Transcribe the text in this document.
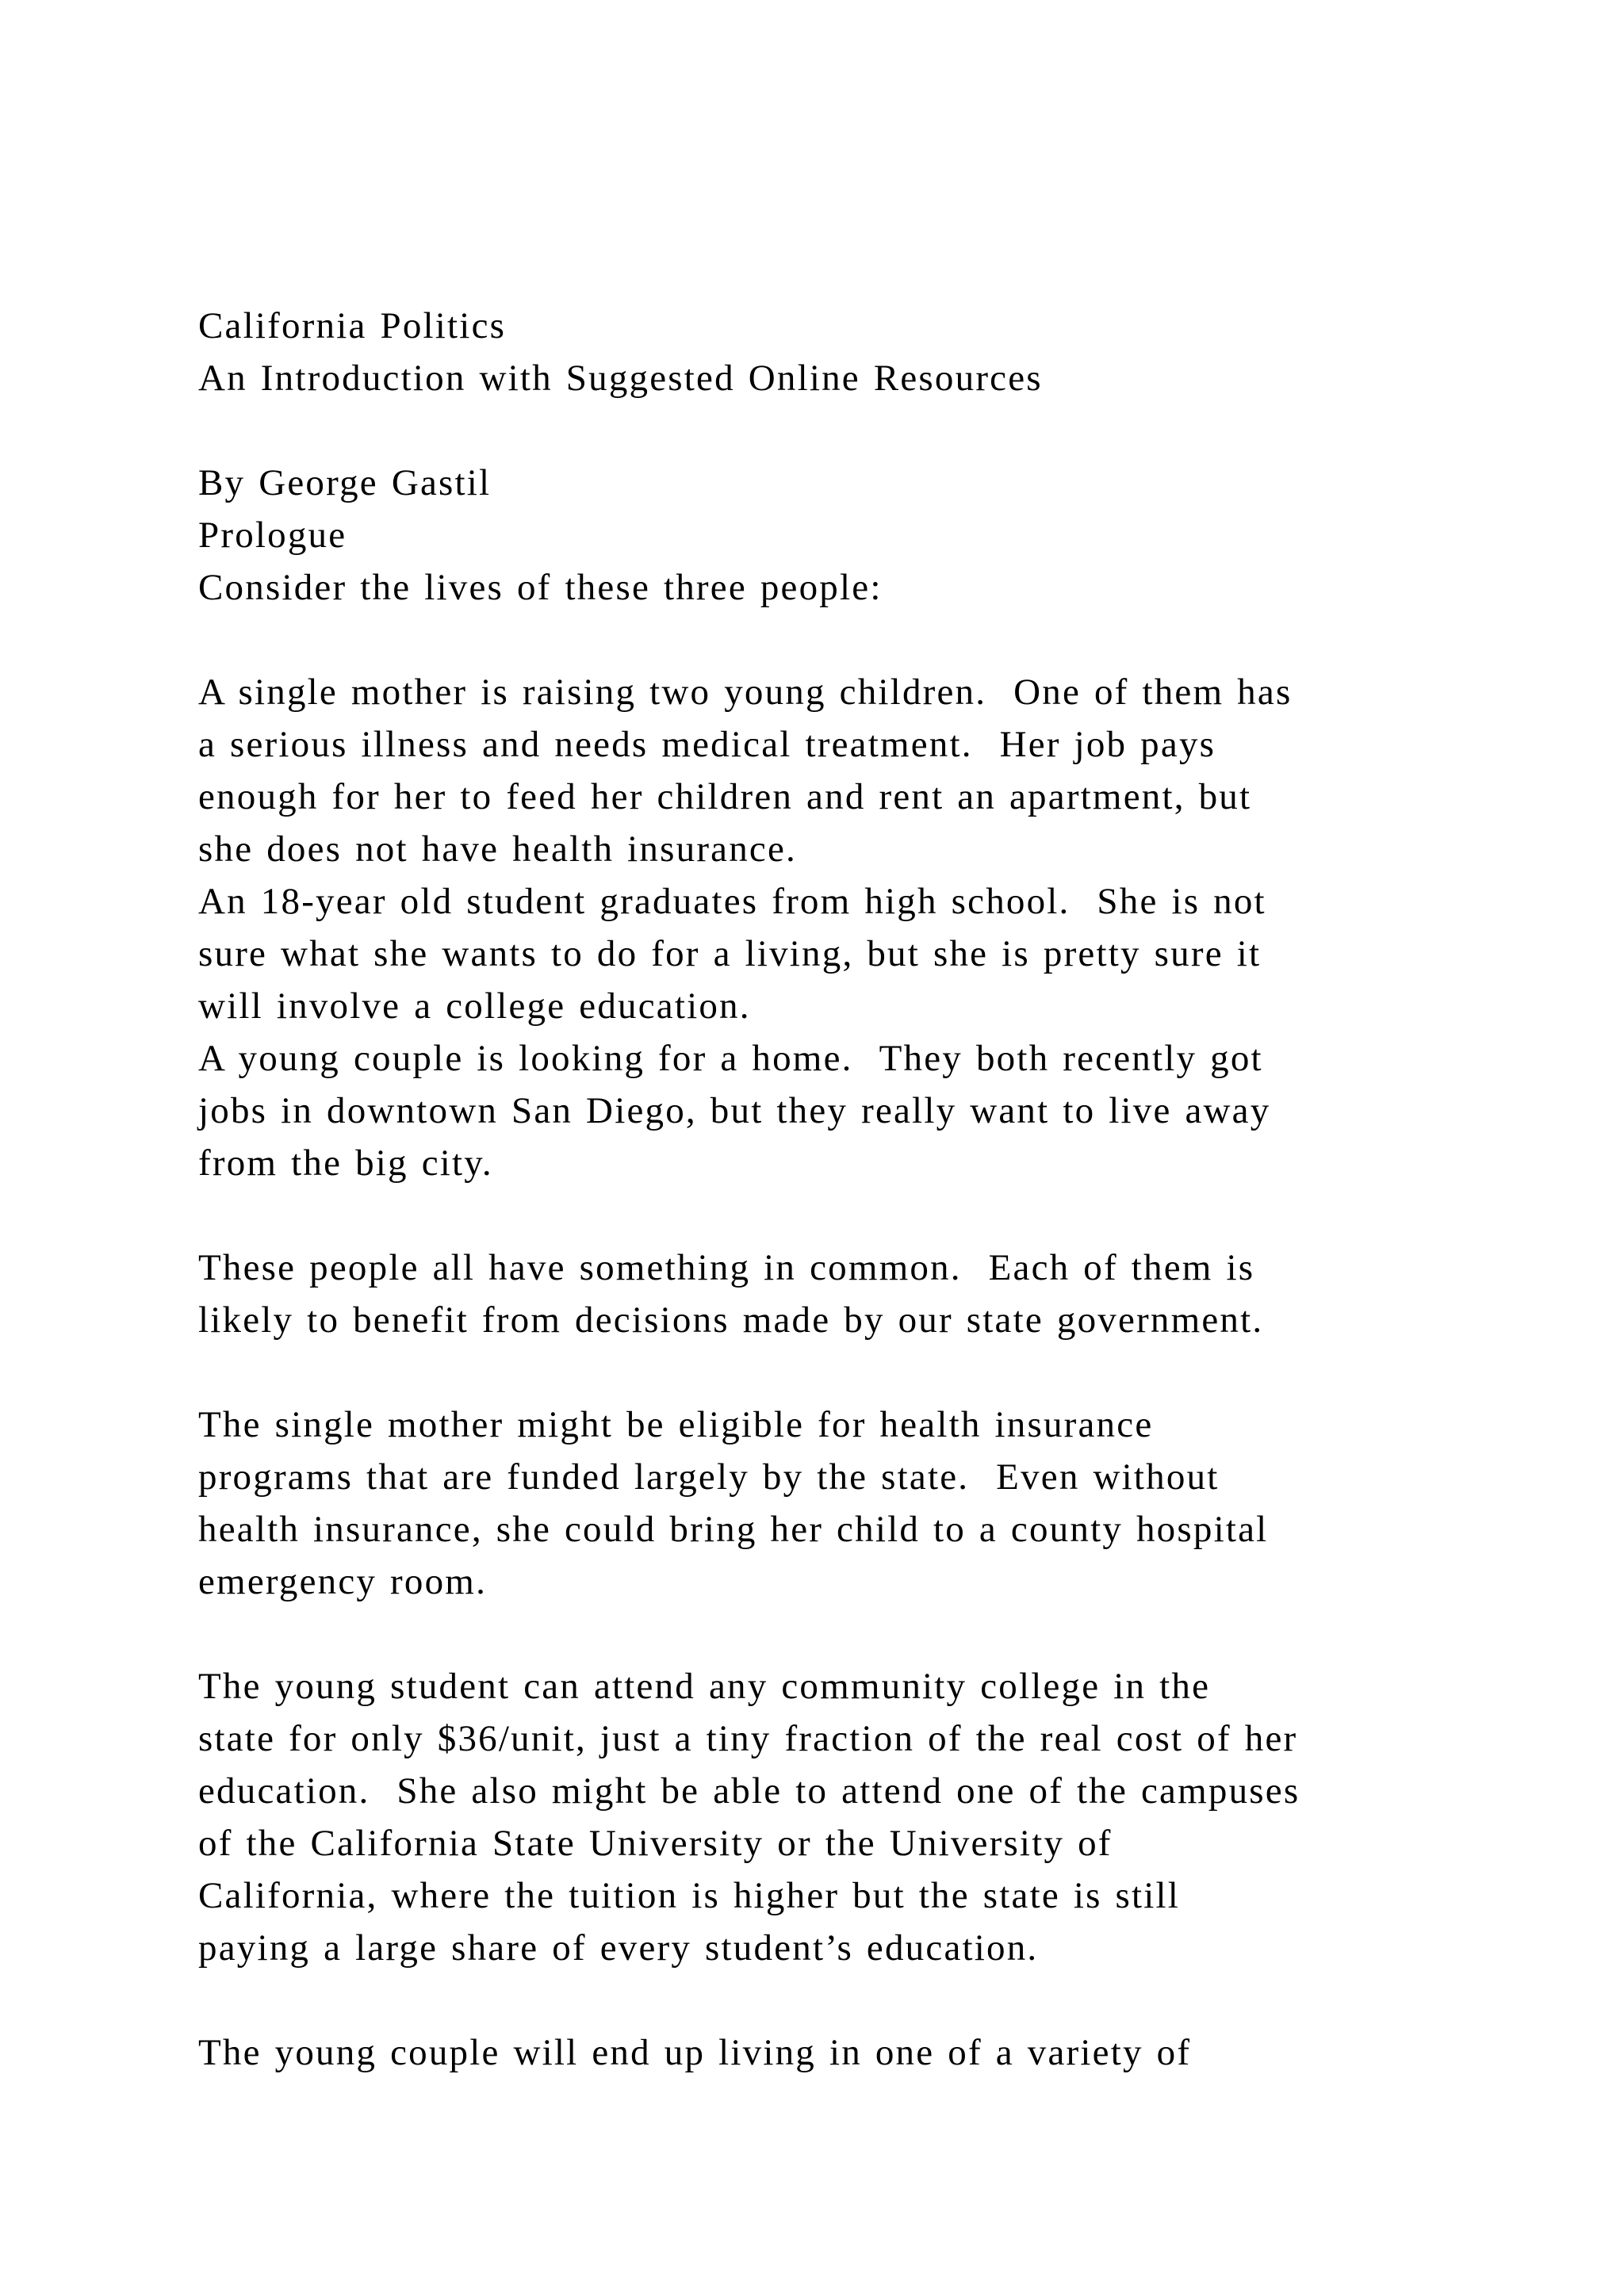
California Politics
An Introduction with Suggested Online Resources
By George Gastil
Prologue
Consider the lives of these three people:
A single mother is raising two young children.  One of them has
a serious illness and needs medical treatment.  Her job pays
enough for her to feed her children and rent an apartment, but
she does not have health insurance.
An 18-year old student graduates from high school.  She is not
sure what she wants to do for a living, but she is pretty sure it
will involve a college education.
A young couple is looking for a home.  They both recently got
jobs in downtown San Diego, but they really want to live away
from the big city.
These people all have something in common.  Each of them is
likely to benefit from decisions made by our state government.
The single mother might be eligible for health insurance
programs that are funded largely by the state.  Even without
health insurance, she could bring her child to a county hospital
emergency room.
The young student can attend any community college in the
state for only $36/unit, just a tiny fraction of the real cost of her
education.  She also might be able to attend one of the campuses
of the California State University or the University of
California, where the tuition is higher but the state is still
paying a large share of every student’s education.
The young couple will end up living in one of a variety of
